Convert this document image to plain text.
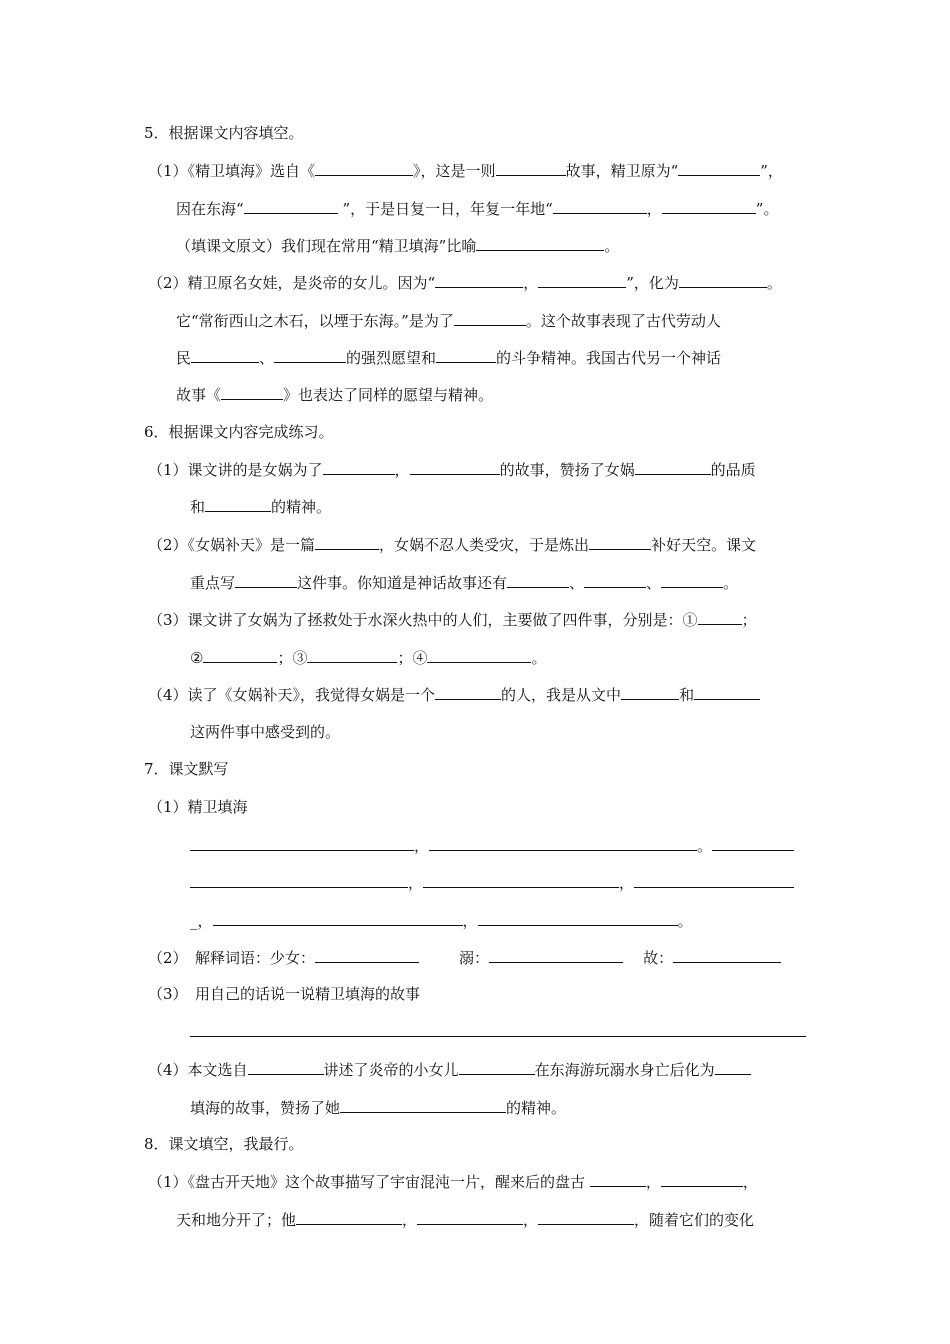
5．根据课文内容填空。
（1）《精卫填海》选自《	》，这是一则	故事，精卫原为“	”，
因在东海“	”，于是日复一日，年复一年地“	，	”。
（填课文原文）我们现在常用“精卫填海”比喻	。
（2）精卫原名女娃，是炎帝的女儿。因为“	，	”，化为	。
它“常衔西山之木石，以堙于东海。”是为了	。这个故事表现了古代劳动人
民	、	的强烈愿望和	的斗争精神。我国古代另一个神话
故事《	》也表达了同样的愿望与精神。
6．根据课文内容完成练习。
（1）课文讲的是女娲为了	，	的故事，赞扬了女娲	的品质
和	的精神。
（2）《女娲补天》是一篇	，女娲不忍人类受灾，于是炼出	补好天空。课文
重点写	这件事。你知道是神话故事还有	、	、	。
（3）课文讲了女娲为了拯救处于水深火热中的人们，主要做了四件事，分别是：①	；
②	；③	；④	。
（4）读了《女娲补天》，我觉得女娲是一个	的人，我是从文中	和
这两件事中感受到的。
7．课文默写
（1）精卫填海
，	。
，	，
_，	，	。
（2）　解释词语：少女：	溺：	故：
（3）　用自己的话说一说精卫填海的故事
（4）本文选自	讲述了炎帝的小女儿	在东海游玩溺水身亡后化为
填海的故事，赞扬了她	的精神。
8．课文填空，我最行。
（1）《盘古开天地》这个故事描写了宇宙混沌一片，醒来后的盘古	，	，
天和地分开了；他	，	，	，随着它们的变化
